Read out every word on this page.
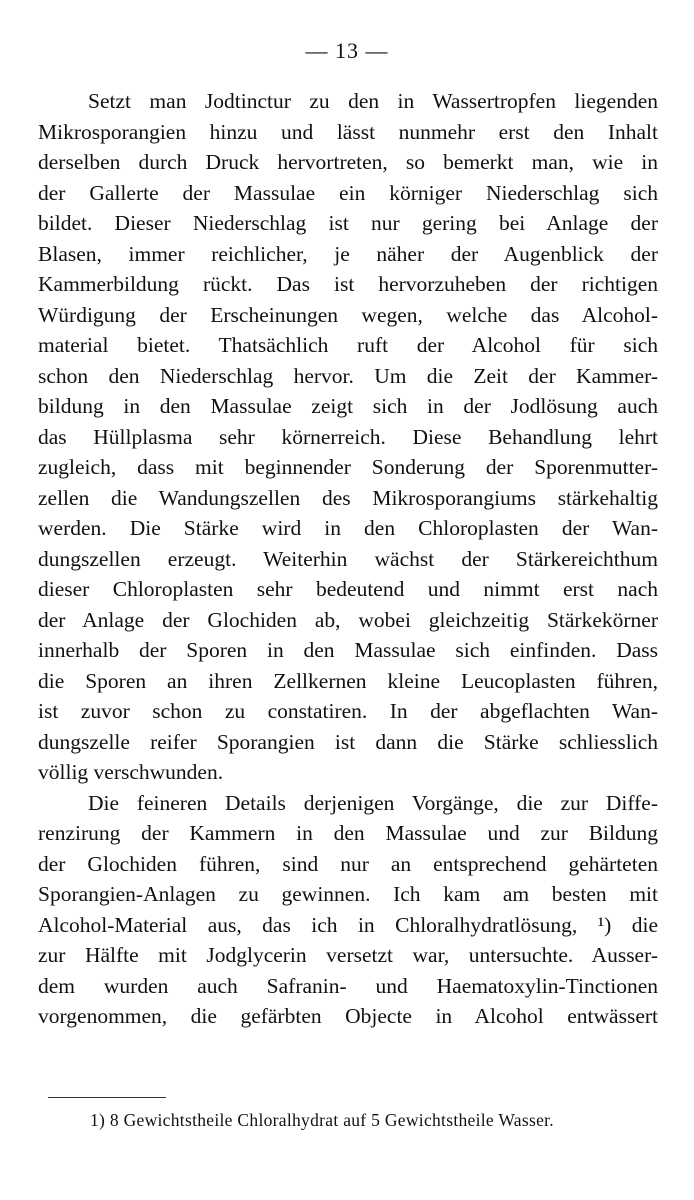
— 13 —
Setzt man Jodtinctur zu den in Wassertropfen liegenden
Mikrosporangien hinzu und lässt nunmehr erst den Inhalt
derselben durch Druck hervortreten, so bemerkt man, wie in
der Gallerte der Massulae ein körniger Niederschlag sich
bildet. Dieser Niederschlag ist nur gering bei Anlage der
Blasen, immer reichlicher, je näher der Augenblick der
Kammerbildung rückt. Das ist hervorzuheben der richtigen
Würdigung der Erscheinungen wegen, welche das Alcohol-
material bietet. Thatsächlich ruft der Alcohol für sich
schon den Niederschlag hervor. Um die Zeit der Kammer-
bildung in den Massulae zeigt sich in der Jodlösung auch
das Hüllplasma sehr körnerreich. Diese Behandlung lehrt
zugleich, dass mit beginnender Sonderung der Sporenmutter-
zellen die Wandungszellen des Mikrosporangiums stärkehaltig
werden. Die Stärke wird in den Chloroplasten der Wan-
dungszellen erzeugt. Weiterhin wächst der Stärkereichthum
dieser Chloroplasten sehr bedeutend und nimmt erst nach
der Anlage der Glochiden ab, wobei gleichzeitig Stärkekörner
innerhalb der Sporen in den Massulae sich einfinden. Dass
die Sporen an ihren Zellkernen kleine Leucoplasten führen,
ist zuvor schon zu constatiren. In der abgeflachten Wan-
dungszelle reifer Sporangien ist dann die Stärke schliesslich
völlig verschwunden.
Die feineren Details derjenigen Vorgänge, die zur Diffe-
renzirung der Kammern in den Massulae und zur Bildung
der Glochiden führen, sind nur an entsprechend gehärteten
Sporangien-Anlagen zu gewinnen. Ich kam am besten mit
Alcohol-Material aus, das ich in Chloralhydratlösung, ¹) die
zur Hälfte mit Jodglycerin versetzt war, untersuchte. Ausser-
dem wurden auch Safranin- und Haematoxylin-Tinctionen
vorgenommen, die gefärbten Objecte in Alcohol entwässert
1) 8 Gewichtstheile Chloralhydrat auf 5 Gewichtstheile Wasser.
